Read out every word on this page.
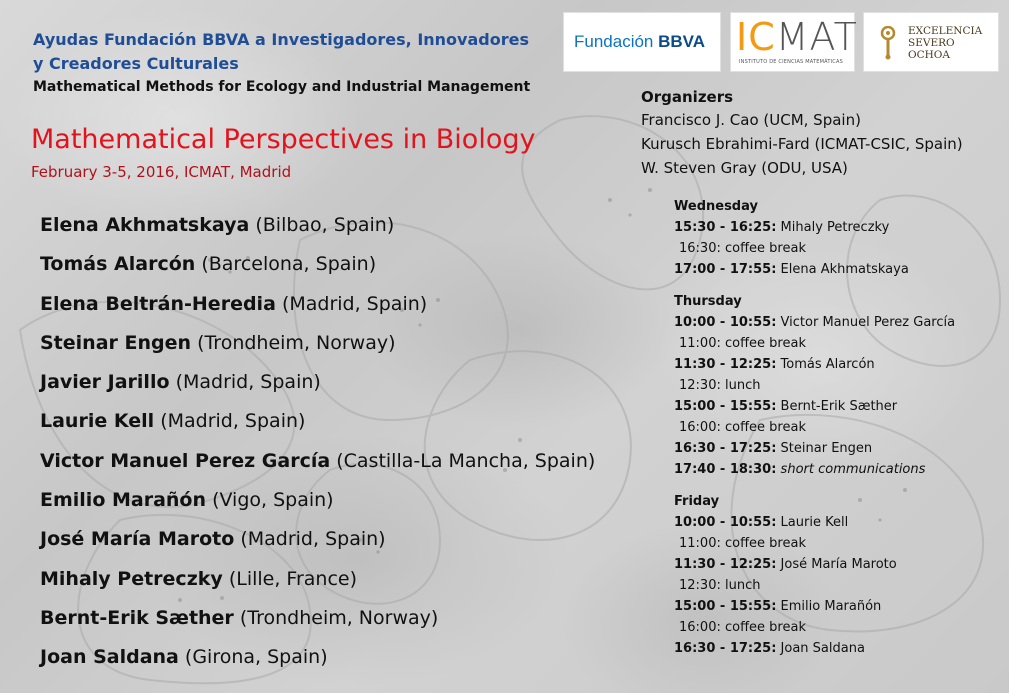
Ayudas Fundación BBVA a Investigadores, Innovadores
y Creadores Culturales
Mathematical Methods for Ecology and Industrial Management
Mathematical Perspectives in Biology
February 3-5, 2016, ICMAT, Madrid
Fundación BBVA ICMAT
INSTITUTO DE CIENCIAS MATEMÁTICAS
EXCELENCIA
SEVERO
OCHOA
Elena Akhmatskaya (Bilbao, Spain)
Tomás Alarcón (Barcelona, Spain)
Elena Beltrán-Heredia (Madrid, Spain)
Steinar Engen (Trondheim, Norway)
Javier Jarillo (Madrid, Spain)
Laurie Kell (Madrid, Spain)
Victor Manuel Perez García (Castilla-La Mancha, Spain)
Emilio Marañón (Vigo, Spain)
José María Maroto (Madrid, Spain)
Mihaly Petreczky (Lille, France)
Bernt-Erik Sæther (Trondheim, Norway)
Joan Saldana (Girona, Spain)
Organizers
Francisco J. Cao (UCM, Spain)
Kurusch Ebrahimi-Fard (ICMAT-CSIC, Spain)
W. Steven Gray (ODU, USA)
Wednesday
15:30 - 16:25: Mihaly Petreczky
16:30: coffee break
17:00 - 17:55: Elena Akhmatskaya
Thursday
10:00 - 10:55: Victor Manuel Perez García
11:00: coffee break
11:30 - 12:25: Tomás Alarcón
12:30: lunch
15:00 - 15:55: Bernt-Erik Sæther
16:00: coffee break
16:30 - 17:25: Steinar Engen
17:40 - 18:30: short communications
Friday
10:00 - 10:55: Laurie Kell
11:00: coffee break
11:30 - 12:25: José María Maroto
12:30: lunch
15:00 - 15:55: Emilio Marañón
16:00: coffee break
16:30 - 17:25: Joan Saldana
